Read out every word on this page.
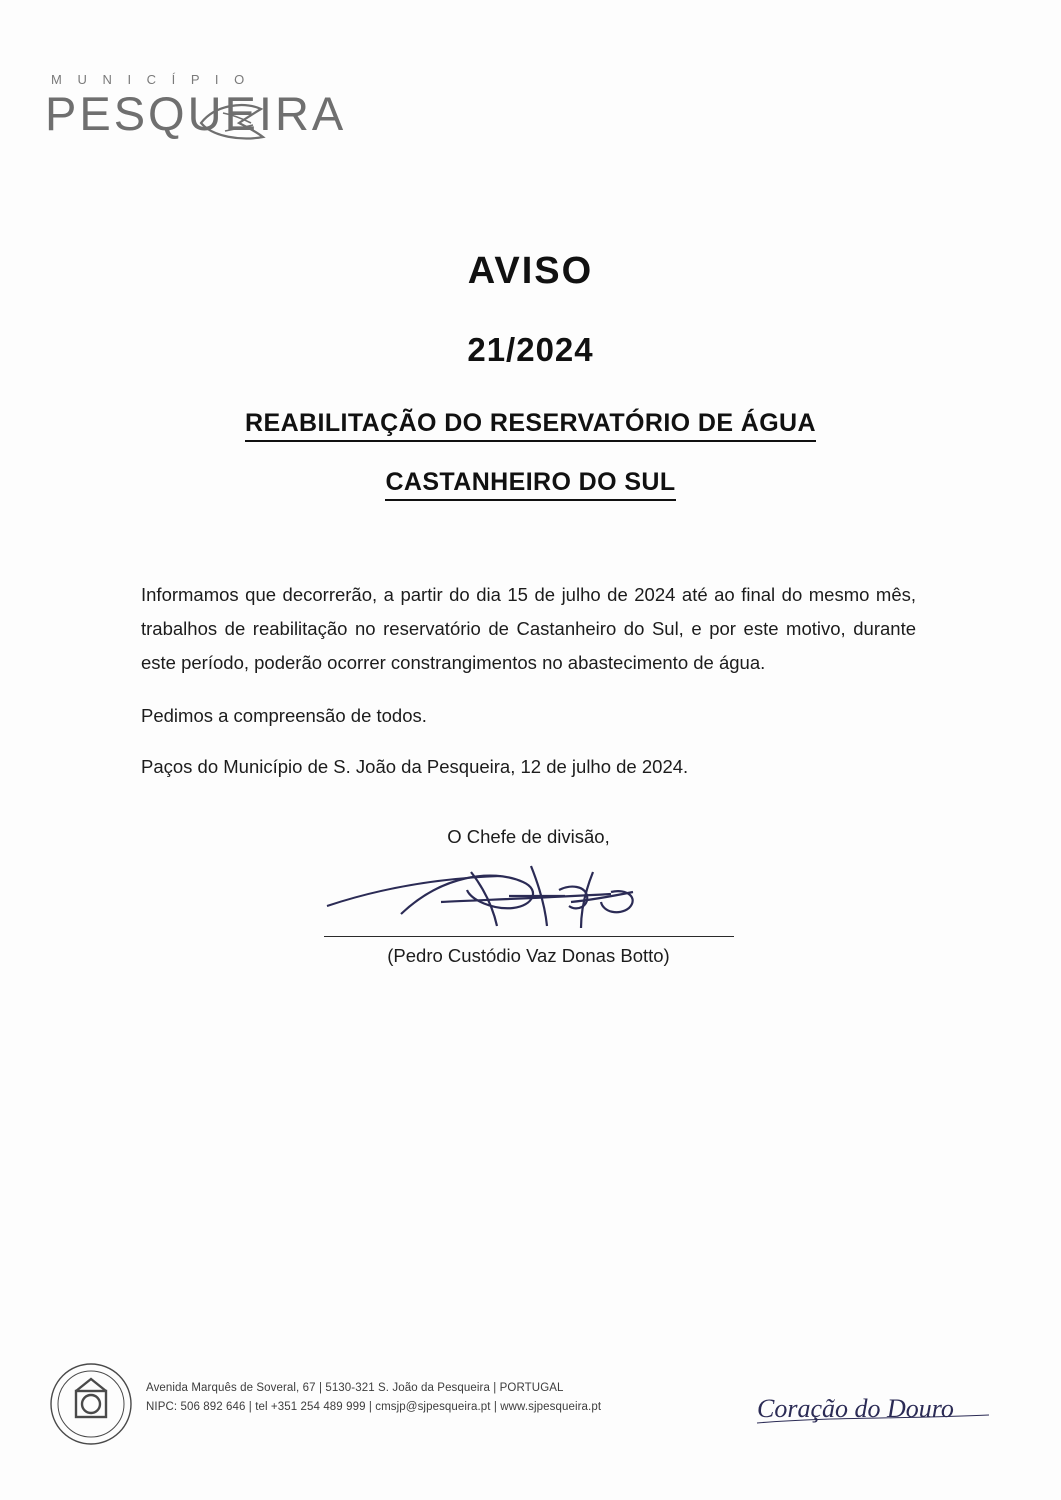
M U N I C Í P I O
PESQUEIRA
AVISO
21/2024
REABILITAÇÃO DO RESERVATÓRIO DE ÁGUA
CASTANHEIRO DO SUL

Informamos que decorrerão, a partir do dia 15 de julho de 2024 até ao final do mesmo mês, trabalhos de reabilitação no reservatório de Castanheiro do Sul, e por este motivo, durante este período, poderão ocorrer constrangimentos no abastecimento de água.

Pedimos a compreensão de todos.

Paços do Município de S. João da Pesqueira, 12 de julho de 2024.

O Chefe de divisão,
(Pedro Custódio Vaz Donas Botto)
Avenida Marquês de Soveral, 67 | 5130-321 S. João da Pesqueira | PORTUGAL
NIPC: 506 892 646 | tel +351 254 489 999 | cmsjp@sjpesqueira.pt | www.sjpesqueira.pt	Coração do Douro
